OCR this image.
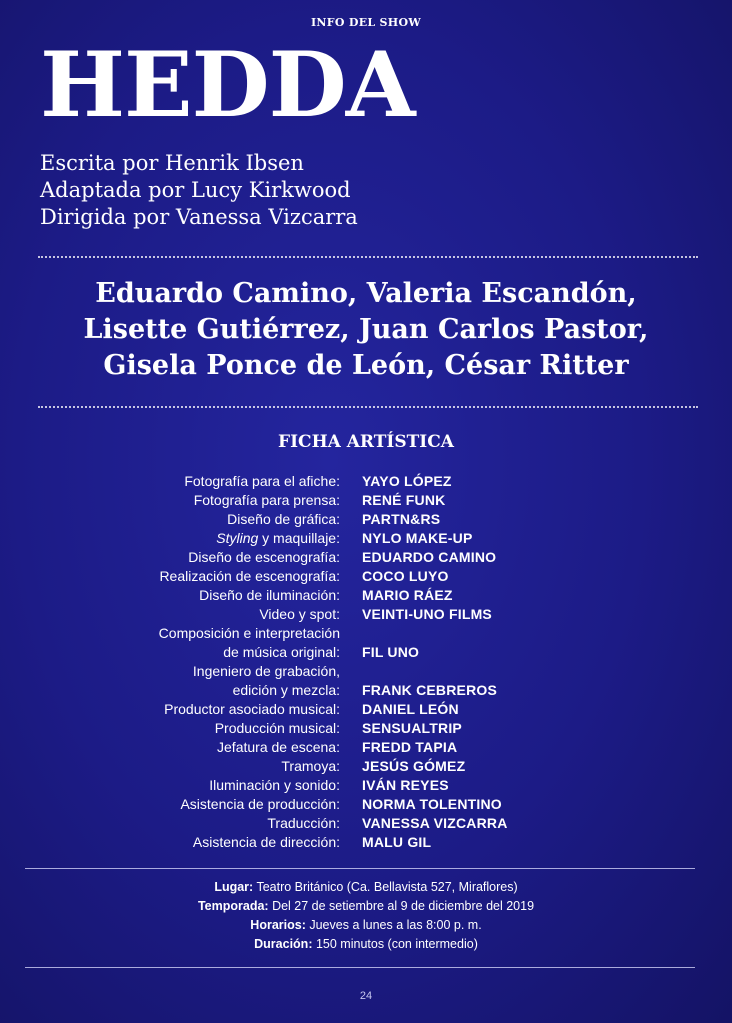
INFO DEL SHOW
HEDDA
Escrita por Henrik Ibsen
Adaptada por Lucy Kirkwood
Dirigida por Vanessa Vizcarra
Eduardo Camino, Valeria Escandón,
Lisette Gutiérrez, Juan Carlos Pastor,
Gisela Ponce de León, César Ritter
FICHA ARTÍSTICA
Fotografía para el afiche:	YAYO LÓPEZ
Fotografía para prensa:	RENÉ FUNK
Diseño de gráfica:	PARTN&RS
Styling y maquillaje:	NYLO MAKE-UP
Diseño de escenografía:	EDUARDO CAMINO
Realización de escenografía:	COCO LUYO
Diseño de iluminación:	MARIO RÁEZ
Video y spot:	VEINTI-UNO FILMS
Composición e interpretación
de música original:	FIL UNO
Ingeniero de grabación,
edición y mezcla:	FRANK CEBREROS
Productor asociado musical:	DANIEL LEÓN
Producción musical:	SENSUALTRIP
Jefatura de escena:	FREDD TAPIA
Tramoya:	JESÚS GÓMEZ
Iluminación y sonido:	IVÁN REYES
Asistencia de producción:	NORMA TOLENTINO
Traducción:	VANESSA VIZCARRA
Asistencia de dirección:	MALU GIL
Lugar: Teatro Británico (Ca. Bellavista 527, Miraflores)
Temporada: Del 27 de setiembre al 9 de diciembre del 2019
Horarios: Jueves a lunes a las 8:00 p. m.
Duración: 150 minutos (con intermedio)
24
